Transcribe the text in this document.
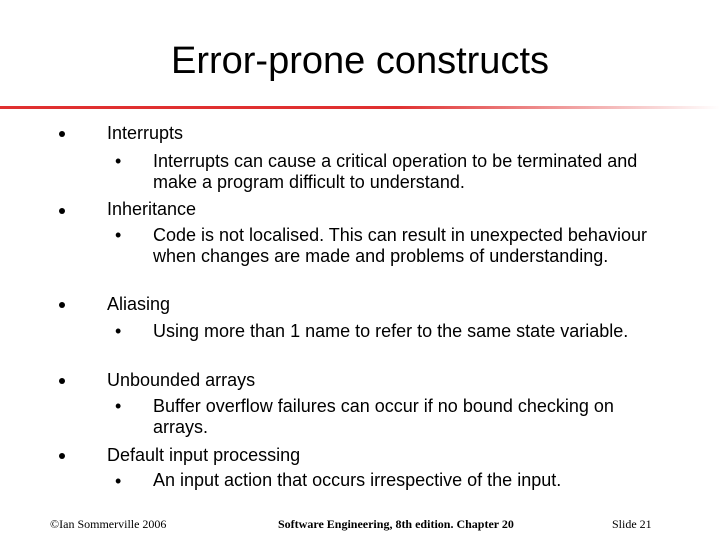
Error-prone constructs
Interrupts
• Interrupts can cause a critical operation to be terminated and make a program difficult to understand.
Inheritance
• Code is not localised. This can result in unexpected behaviour when changes are made and problems of understanding.
Aliasing
• Using more than 1 name to refer to the same state variable.
Unbounded arrays
• Buffer overflow failures can occur if no bound checking on arrays.
Default input processing
• An input action that occurs irrespective of the input.
©Ian Sommerville 2006	Software Engineering, 8th edition. Chapter 20	Slide 21
